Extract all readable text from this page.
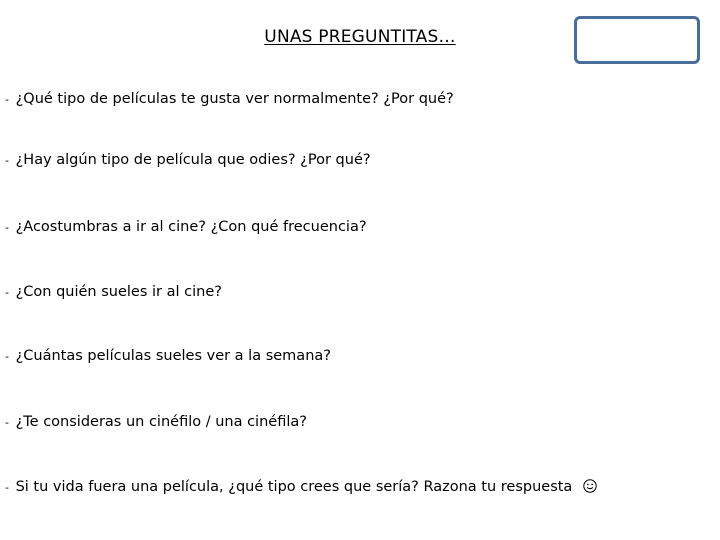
UNAS PREGUNTITAS…
- ¿Qué tipo de películas te gusta ver normalmente? ¿Por qué?
- ¿Hay algún tipo de película que odies? ¿Por qué?
- ¿Acostumbras a ir al cine? ¿Con qué frecuencia?
- ¿Con quién sueles ir al cine?
- ¿Cuántas películas sueles ver a la semana?
- ¿Te consideras un cinéfilo / una cinéfila?
- Si tu vida fuera una película, ¿qué tipo crees que sería? Razona tu respuesta
